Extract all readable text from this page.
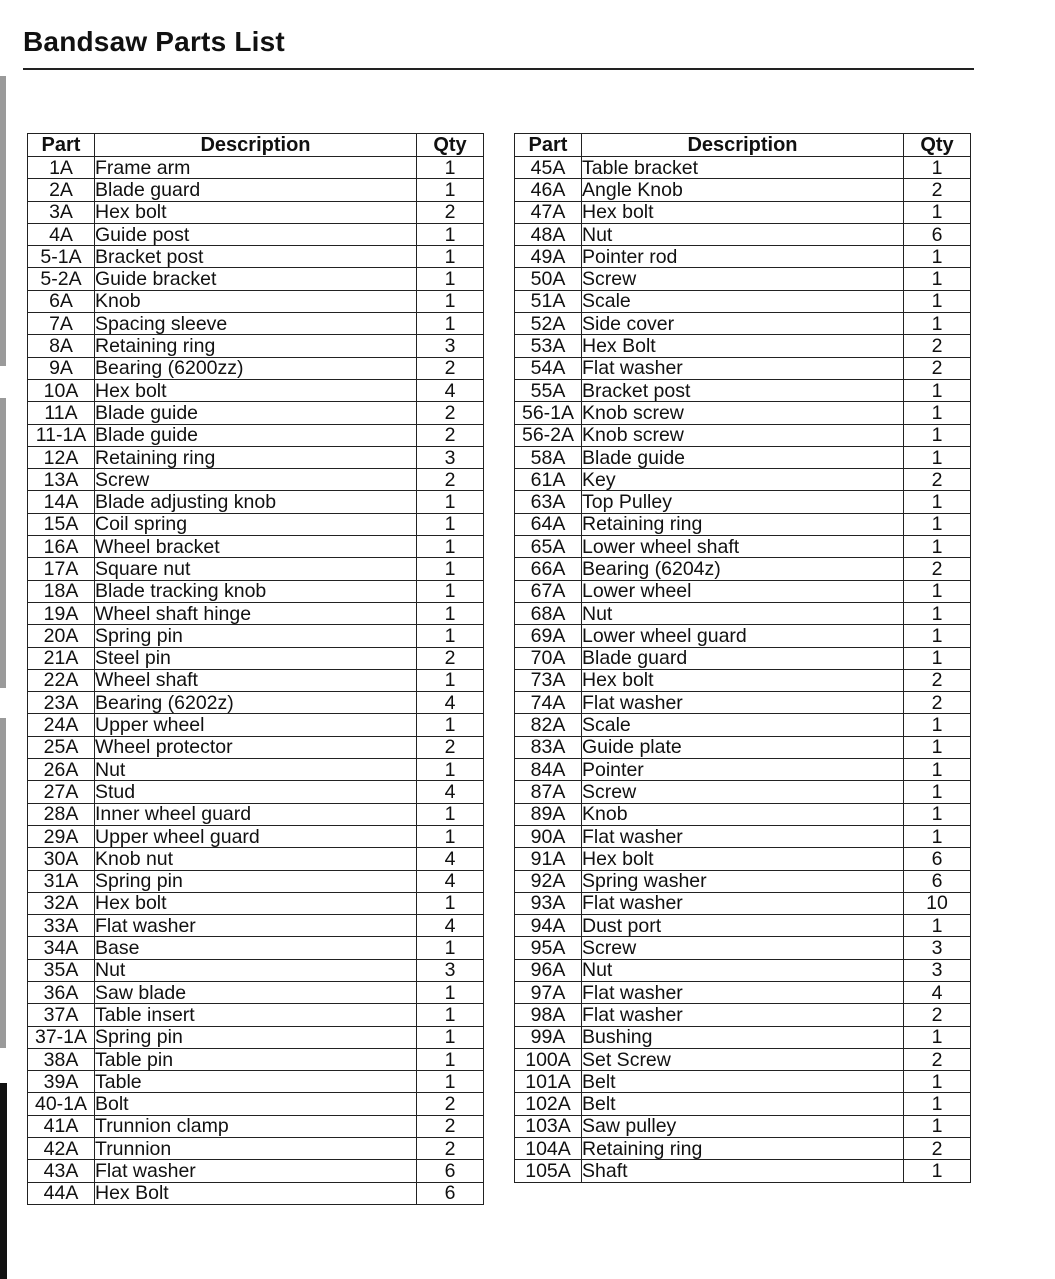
Bandsaw Parts List
Part	Description	Qty
1A	Frame arm	1
2A	Blade guard	1
3A	Hex bolt	2
4A	Guide post	1
5-1A	Bracket post	1
5-2A	Guide bracket	1
6A	Knob	1
7A	Spacing sleeve	1
8A	Retaining ring	3
9A	Bearing (6200zz)	2
10A	Hex bolt	4
11A	Blade guide	2
11-1A	Blade guide	2
12A	Retaining ring	3
13A	Screw	2
14A	Blade adjusting knob	1
15A	Coil spring	1
16A	Wheel bracket	1
17A	Square nut	1
18A	Blade tracking knob	1
19A	Wheel shaft hinge	1
20A	Spring pin	1
21A	Steel pin	2
22A	Wheel shaft	1
23A	Bearing (6202z)	4
24A	Upper wheel	1
25A	Wheel protector	2
26A	Nut	1
27A	Stud	4
28A	Inner wheel guard	1
29A	Upper wheel guard	1
30A	Knob nut	4
31A	Spring pin	4
32A	Hex bolt	1
33A	Flat washer	4
34A	Base	1
35A	Nut	3
36A	Saw blade	1
37A	Table insert	1
37-1A	Spring pin	1
38A	Table pin	1
39A	Table	1
40-1A	Bolt	2
41A	Trunnion clamp	2
42A	Trunnion	2
43A	Flat washer	6
44A	Hex Bolt	6
Part	Description	Qty
45A	Table bracket	1
46A	Angle Knob	2
47A	Hex bolt	1
48A	Nut	6
49A	Pointer rod	1
50A	Screw	1
51A	Scale	1
52A	Side cover	1
53A	Hex Bolt	2
54A	Flat washer	2
55A	Bracket post	1
56-1A	Knob screw	1
56-2A	Knob screw	1
58A	Blade guide	1
61A	Key	2
63A	Top Pulley	1
64A	Retaining ring	1
65A	Lower wheel shaft	1
66A	Bearing (6204z)	2
67A	Lower wheel	1
68A	Nut	1
69A	Lower wheel guard	1
70A	Blade guard	1
73A	Hex bolt	2
74A	Flat washer	2
82A	Scale	1
83A	Guide plate	1
84A	Pointer	1
87A	Screw	1
89A	Knob	1
90A	Flat washer	1
91A	Hex bolt	6
92A	Spring washer	6
93A	Flat washer	10
94A	Dust port	1
95A	Screw	3
96A	Nut	3
97A	Flat washer	4
98A	Flat washer	2
99A	Bushing	1
100A	Set Screw	2
101A	Belt	1
102A	Belt	1
103A	Saw pulley	1
104A	Retaining ring	2
105A	Shaft	1
